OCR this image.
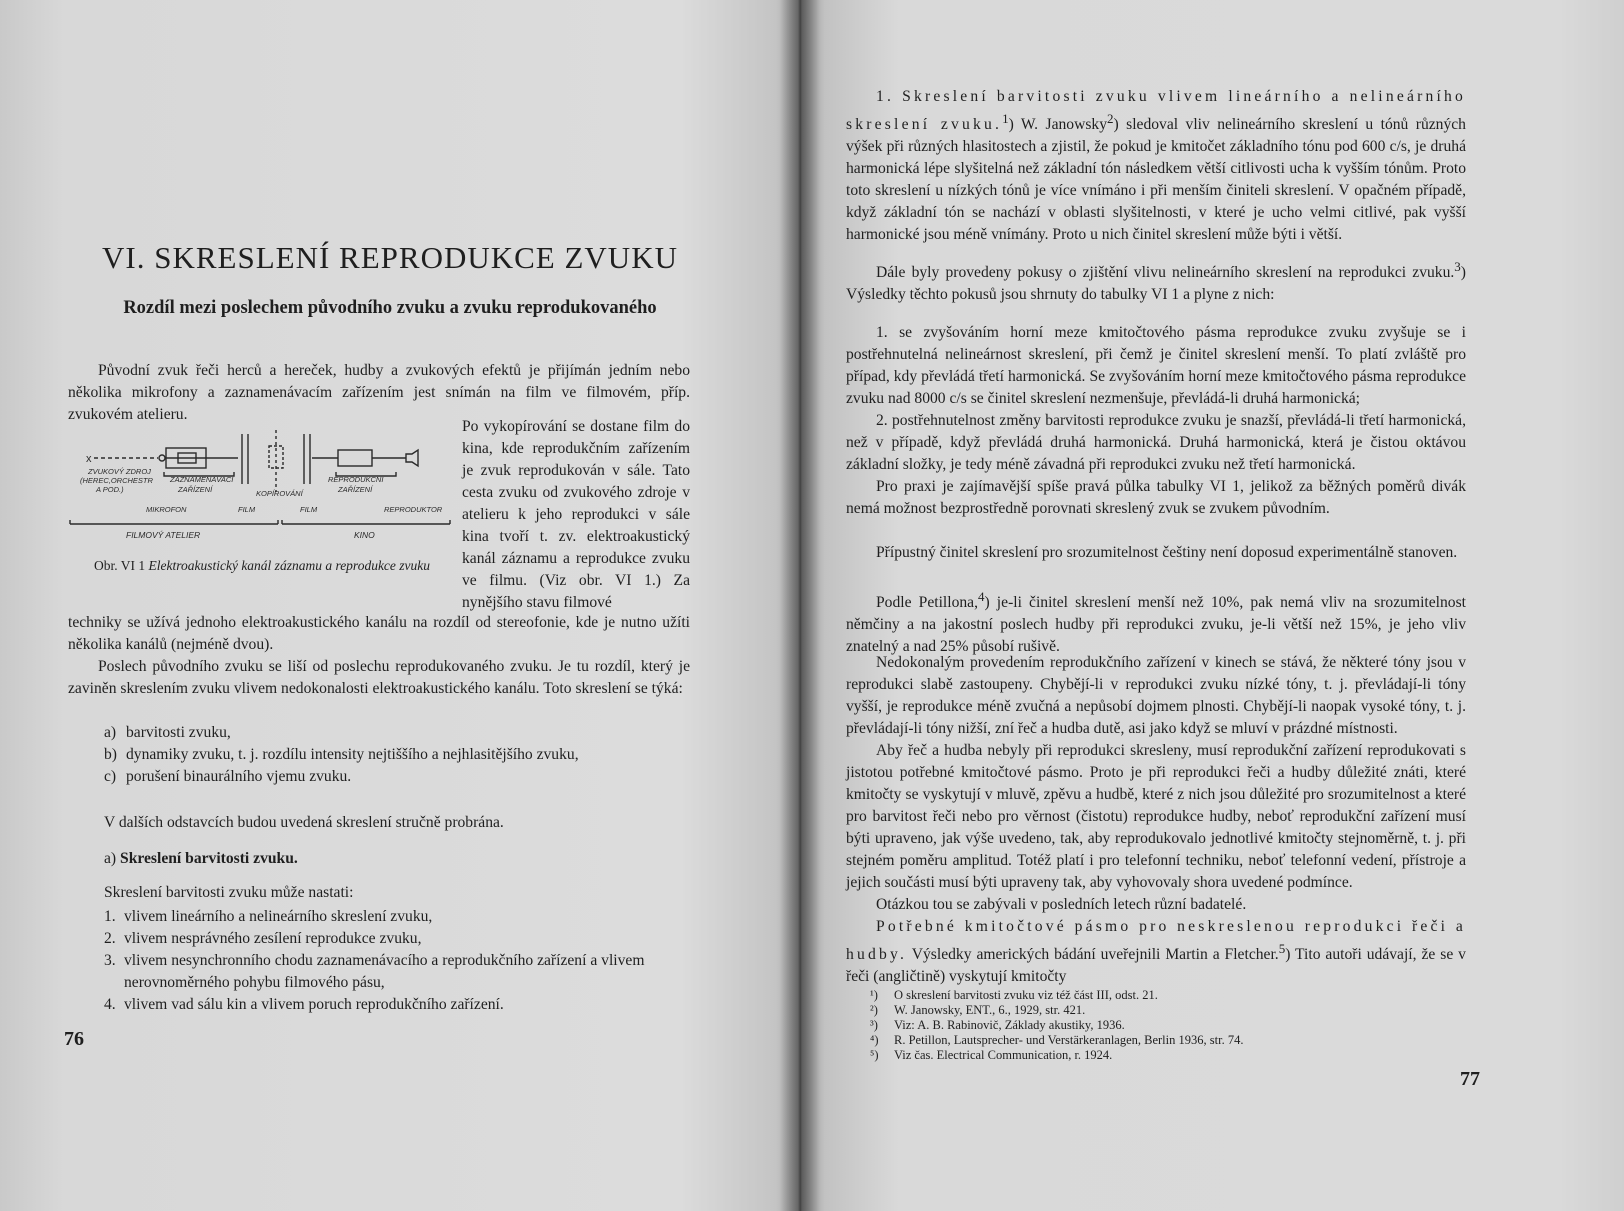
VI. SKRESLENÍ REPRODUKCE ZVUKU
Rozdíl mezi poslechem původního zvuku a zvuku reprodukovaného

Původní zvuk řeči herců a hereček, hudby a zvukových efektů je přijímán jedním nebo několika mikrofony a zaznamenávacím zařízením jest snímán na film ve filmovém, příp. zvukovém atelieru.

Po vykopírování se dostane film do kina, kde reprodukčním zařízením je zvuk reprodukován v sále. Tato cesta zvuku od zvukového zdroje v atelieru k jeho reprodukci v sále kina tvoří t. zv. elektroakustický kanál záznamu a reprodukce zvuku ve filmu. (Viz obr. VI 1.) Za nynějšího stavu filmové

x
ZVUKOVÝ ZDROJ
(HEREC,ORCHESTR
A POD.)
ZAZNAMENÁVACÍ
ZAŘÍZENÍ	KOPÍROVÁNÍ
REPRODUKČNÍ
ZAŘÍZENÍ
MIKROFON	FILM	FILM	REPRODUKTOR
FILMOVÝ ATELIER	KINO

Obr. VI 1 Elektroakustický kanál záznamu a reprodukce zvuku

techniky se užívá jednoho elektroakustického kanálu na rozdíl od stereofonie, kde je nutno užíti několika kanálů (nejméně dvou).

Poslech původního zvuku se liší od poslechu reprodukovaného zvuku. Je tu rozdíl, který je zaviněn skreslením zvuku vlivem nedokonalosti elektroakustického kanálu. Toto skreslení se týká:

a) barvitosti zvuku,
b) dynamiky zvuku, t. j. rozdílu intensity nejtiššího a nejhlasitějšího zvuku,
c) porušení binaurálního vjemu zvuku.

V dalších odstavcích budou uvedená skreslení stručně probrána.

a) Skreslení barvitosti zvuku.

Skreslení barvitosti zvuku může nastati:

1. vlivem lineárního a nelineárního skreslení zvuku,
2. vlivem nesprávného zesílení reprodukce zvuku,
3. vlivem nesynchronního chodu zaznamenávacího a reprodukčního zařízení a vlivem nerovnoměrného pohybu filmového pásu,
4. vlivem vad sálu kin a vlivem poruch reprodukčního zařízení.
76

1. Skreslení barvitosti zvuku vlivem lineárního a nelineárního skreslení zvuku.$^1$) W. Janowsky$^2$) sledoval vliv nelineárního skreslení u tónů různých výšek při různých hlasitostech a zjistil, že pokud je kmitočet základního tónu pod 600 c/s, je druhá harmonická lépe slyšitelná než základní tón následkem větší citlivosti ucha k vyšším tónům. Proto toto skreslení u nízkých tónů je více vnímáno i při menším činiteli skreslení. V opačném případě, když základní tón se nachází v oblasti slyšitelnosti, v které je ucho velmi citlivé, pak vyšší harmonické jsou méně vnímány. Proto u nich činitel skreslení může býti i větší.

Dále byly provedeny pokusy o zjištění vlivu nelineárního skreslení na reprodukci zvuku.$^3$) Výsledky těchto pokusů jsou shrnuty do tabulky VI 1 a plyne z nich:

1. se zvyšováním horní meze kmitočtového pásma reprodukce zvuku zvyšuje se i postřehnutelná nelineárnost skreslení, při čemž je činitel skreslení menší. To platí zvláště pro případ, kdy převládá třetí harmonická. Se zvyšováním horní meze kmitočtového pásma reprodukce zvuku nad 8000 c/s se činitel skreslení nezmenšuje, převládá-li druhá harmonická;

2. postřehnutelnost změny barvitosti reprodukce zvuku je snazší, převládá-li třetí harmonická, než v případě, když převládá druhá harmonická. Druhá harmonická, která je čistou oktávou základní složky, je tedy méně závadná při reprodukci zvuku než třetí harmonická.

Pro praxi je zajímavější spíše pravá půlka tabulky VI 1, jelikož za běžných poměrů divák nemá možnost bezprostředně porovnati skreslený zvuk se zvukem původním.

Přípustný činitel skreslení pro srozumitelnost češtiny není doposud experimentálně stanoven.

Podle Petillona,$^4$) je-li činitel skreslení menší než 10%, pak nemá vliv na srozumitelnost němčiny a na jakostní poslech hudby při reprodukci zvuku, je-li větší než 15%, je jeho vliv znatelný a nad 25% působí rušivě.

Nedokonalým provedením reprodukčního zařízení v kinech se stává, že některé tóny jsou v reprodukci slabě zastoupeny. Chybějí-li v reprodukci zvuku nízké tóny, t. j. převládají-li tóny vyšší, je reprodukce méně zvučná a nepůsobí dojmem plnosti. Chybějí-li naopak vysoké tóny, t. j. převládají-li tóny nižší, zní řeč a hudba dutě, asi jako když se mluví v prázdné místnosti.

Aby řeč a hudba nebyly při reprodukci skresleny, musí reprodukční zařízení reprodukovati s jistotou potřebné kmitočtové pásmo. Proto je při reprodukci řeči a hudby důležité znáti, které kmitočty se vyskytují v mluvě, zpěvu a hudbě, které z nich jsou důležité pro srozumitelnost a které pro barvitost řeči nebo pro věrnost (čistotu) reprodukce hudby, neboť reprodukční zařízení musí býti upraveno, jak výše uvedeno, tak, aby reprodukovalo jednotlivé kmitočty stejnoměrně, t. j. při stejném poměru amplitud. Totéž platí i pro telefonní techniku, neboť telefonní vedení, přístroje a jejich součásti musí býti upraveny tak, aby vyhovovaly shora uvedené podmínce.

Otázkou tou se zabývali v posledních letech různí badatelé.

Potřebné kmitočtové pásmo pro neskreslenou reprodukci řeči a hudby. Výsledky amerických bádání uveřejnili Martin a Fletcher.$^5$) Tito autoři udávají, že se v řeči (angličtině) vyskytují kmitočty

¹) O skreslení barvitosti zvuku viz též část III, odst. 21.
²) W. Janowsky, ENT., 6., 1929, str. 421.
³) Viz: A. B. Rabinovič, Základy akustiky, 1936.
⁴) R. Petillon, Lautsprecher- und Verstärkeranlagen, Berlin 1936, str. 74.
⁵) Viz čas. Electrical Communication, r. 1924.
77
